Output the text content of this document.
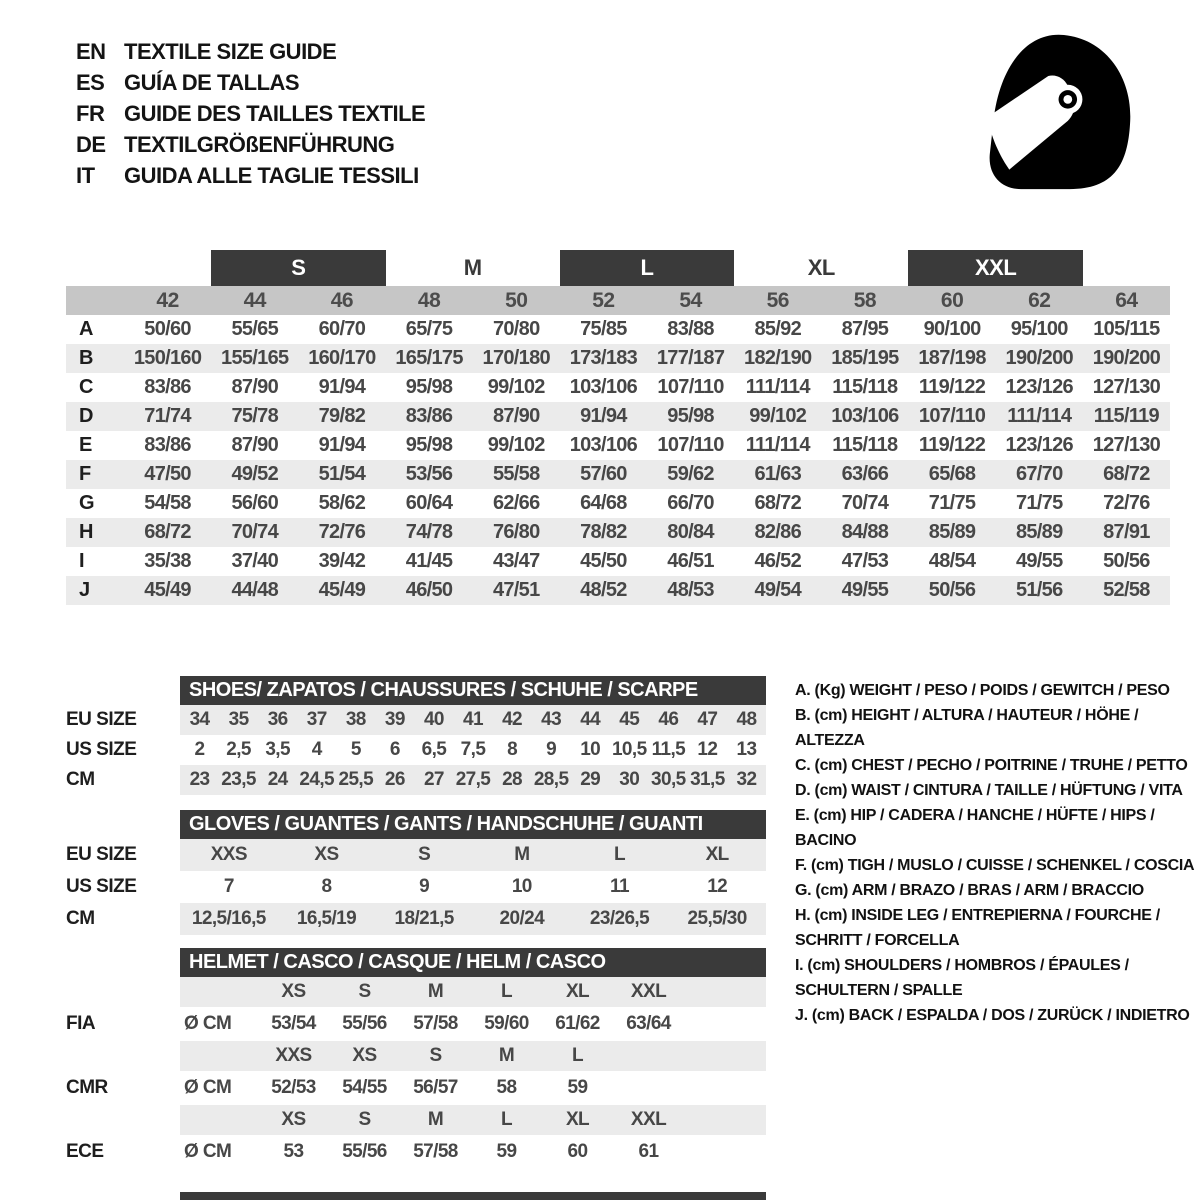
EN TEXTILE SIZE GUIDE
ES GUÍA DE TALLAS
FR GUIDE DES TAILLES TEXTILE
DE TEXTILGRÖßENFÜHRUNG
IT	GUIDA ALLE TAGLIE TESSILI
S	M	L	XL	XXL
42	44	46	48	50	52	54	56	58	60	62	64
A	50/60	55/65	60/70	65/75	70/80	75/85	83/88	85/92	87/95	90/100	95/100	105/115
B	150/160 155/165 160/170 165/175 170/180 173/183 177/187 182/190 185/195 187/198 190/200 190/200
C	83/86	87/90	91/94	95/98	99/102	103/106	107/110	111/114	115/118	119/122	123/126 127/130
D	71/74	75/78	79/82	83/86	87/90	91/94	95/98	99/102	103/106	107/110	111/114	115/119
E	83/86	87/90	91/94	95/98	99/102	103/106	107/110	111/114	115/118	119/122	123/126 127/130
F	47/50	49/52	51/54	53/56	55/58	57/60	59/62	61/63	63/66	65/68	67/70	68/72
G	54/58	56/60	58/62	60/64	62/66	64/68	66/70	68/72	70/74	71/75	71/75	72/76
H	68/72	70/74	72/76	74/78	76/80	78/82	80/84	82/86	84/88	85/89	85/89	87/91
I	35/38	37/40	39/42	41/45	43/47	45/50	46/51	46/52	47/53	48/54	49/55	50/56
J	45/49	44/48	45/49	46/50	47/51	48/52	48/53	49/54	49/55	50/56	51/56	52/58
SHOES/ ZAPATOS / CHAUSSURES / SCHUHE / SCARPE
EU SIZE	34	35	36	37	38	39	40	41	42	43	44	45	46	47	48
US SIZE	2	2,5 3,5	4	5	6	6,5 7,5	8	9	10 10,5 11,5 12	13
CM	23 23,5 24 24,5 25,5 26	27 27,5 28 28,5 29	30 30,5 31,5 32
GLOVES / GUANTES / GANTS / HANDSCHUHE / GUANTI
EU SIZE	XXS	XS	S	M	L	XL
US SIZE	7	8	9	10	11	12
CM	12,5/16,5	16,5/19	18/21,5	20/24	23/26,5	25,5/30
HELMET / CASCO / CASQUE / HELM / CASCO
XS	S	M	L	XL	XXL
FIA	Ø CM	53/54	55/56	57/58	59/60	61/62	63/64
XXS	XS	S	M	L
CMR	Ø CM	52/53	54/55	56/57	58	59
XS	S	M	L	XL	XXL
ECE	Ø CM	53	55/56	57/58	59	60	61
A. (Kg) WEIGHT / PESO / POIDS / GEWITCH / PESO
B. (cm) HEIGHT / ALTURA / HAUTEUR / HÖHE / ALTEZZA
C. (cm) CHEST / PECHO / POITRINE / TRUHE / PETTO
D. (cm) WAIST / CINTURA / TAILLE / HÜFTUNG / VITA
E. (cm) HIP / CADERA / HANCHE / HÜFTE / HIPS / BACINO
F. (cm) TIGH / MUSLO / CUISSE / SCHENKEL / COSCIA
G. (cm) ARM / BRAZO / BRAS / ARM / BRACCIO
H. (cm) INSIDE LEG / ENTREPIERNA / FOURCHE / SCHRITT / FORCELLA
I. (cm) SHOULDERS / HOMBROS / ÉPAULES / SCHULTERN / SPALLE
J. (cm) BACK / ESPALDA / DOS / ZURÜCK / INDIETRO
